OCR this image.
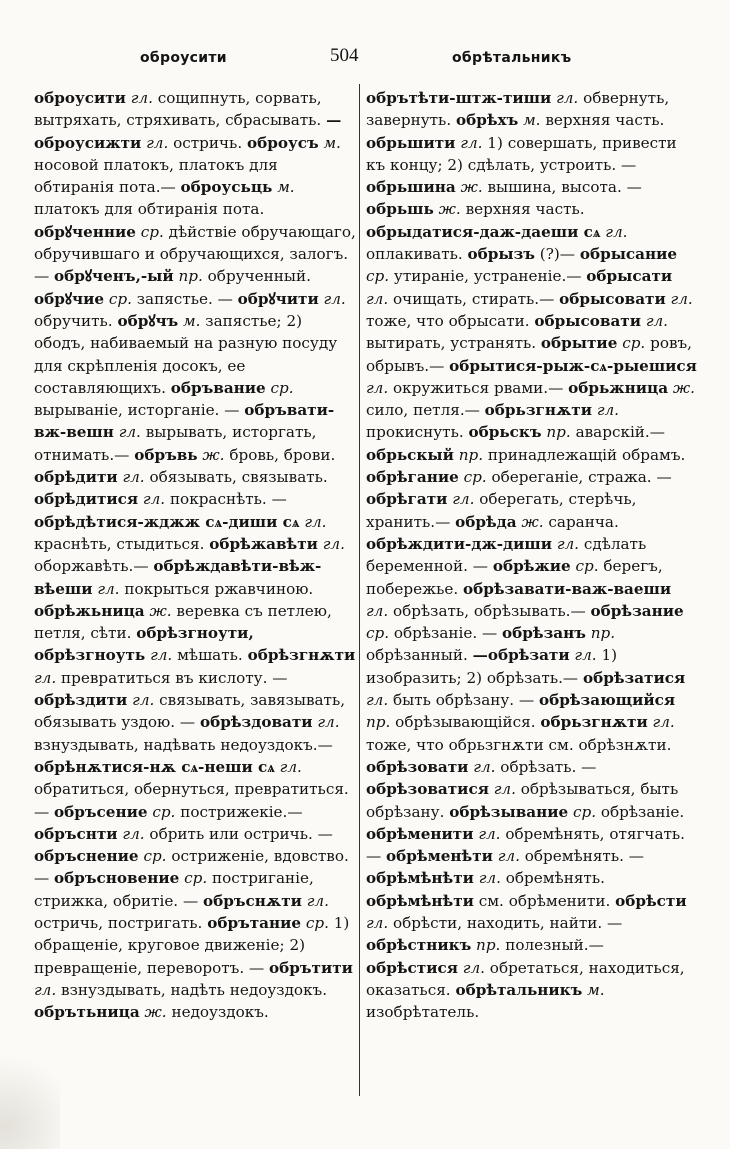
оброусити	504	обрѣтальникъ
оброусити гл. сощипнуть, сорвать, вытряхать, стряхивать, сбрасывать. —оброусижти гл. остричь. оброусъ м. носовой платокъ, платокъ для обтиранія пота.— оброусьць м. платокъ для обтиранія пота. обрꙋченние ср. дѣйствіе обручающаго, обручившаго и обручающихся, залогъ.— обрꙋченъ,-ый пр. обрученный. обрꙋчие ср. запястье. — обрꙋчити гл. обручить. обрꙋчъ м. запястье; 2) ободъ, набиваемый на разную посуду для скрѣпленія досокъ, ее составляющихъ. обръвание ср. вырываніе, исторганіе. — обръвати-вж-вешн гл. вырывать, исторгать, отнимать.— обръвь ж. бровь, брови. обрѣдити гл. обязывать, связывать. обрѣдитися гл. покраснѣть. — обрѣдѣтися-жджж сѧ-диши сѧ гл. краснѣть, стыдиться. обрѣжавѣти гл. оборжавѣть.— обрѣждавѣти-вѣж-вѣеши гл. покрыться ржавчиною. обрѣжьница ж. веревка съ петлею, петля, сѣти. обрѣзгноути, обрѣзгноуть гл. мѣшать. обрѣзгнѫти гл. превратиться въ кислоту. — обрѣздити гл. связывать, завязывать, обязывать уздою. — обрѣздовати гл. взнуздывать, надѣвать недоуздокъ.— обрѣнѫтися-нѫ сѧ-неши сѧ гл. обратиться, обернуться, превратиться. — обръсение ср. пострижекіе.— обръснти гл. обрить или остричь. — обръснение ср. остриженіе, вдовство.— обръсновение ср. постриганіе, стрижка, обритіе. — обръснѫти гл. остричь, постригать. обрътание ср. 1) обращеніе, круговое движеніе; 2) превращеніе, переворотъ. — обрътити гл. взнуздывать, надѣть недоуздокъ. обрътьница ж. недоуздокъ.
обрътѣти-штж-тиши гл. обвернуть, завернуть. обрѣхъ м. верхняя часть. обрьшити гл. 1) совершать, привести къ концу; 2) сдѣлать, устроить. — обрьшина ж. вышина, высота. — обрьшь ж. верхняя часть. обрыдатися-даж-даеши сѧ гл. оплакивать. обрызъ (?)— обрысание ср. утираніе, устраненіе.— обрысати гл. очищать, стирать.— обрысовати гл. тоже, что обрысати. обрысовати гл. вытирать, устранять. обрытие ср. ровъ, обрывъ.— обрытися-рыж-сѧ-рыешися гл. окружиться рвами.— обрьжница ж. сило, петля.— обрьзгнѫти гл. прокиснуть. обрьскъ пр. аварскій.— обрьскый пр. принадлежащій обрамъ. обрѣгание ср. обереганіе, стража. — обрѣгати гл. оберегать, стерѣчь, хранить.— обрѣда ж. саранча. обрѣждити-дж-диши гл. сдѣлать беременной. — обрѣжие ср. берегъ, побережье. обрѣзавати-важ-ваеши гл. обрѣзать, обрѣзывать.— обрѣзание ср. обрѣзаніе. — обрѣзанъ пр. обрѣзанный. —обрѣзати гл. 1) изобразить; 2) обрѣзать.— обрѣзатися гл. быть обрѣзану. — обрѣзающийся пр. обрѣзывающійся. обрьзгнѫти гл. тоже, что обрьзгнѫти см. обрѣзнѫти. обрѣзовати гл. обрѣзать. — обрѣзоватися гл. обрѣзываться, быть обрѣзану. обрѣзывание ср. обрѣзаніе. обрѣменити гл. обремѣнять, отягчать. — обрѣменѣти гл. обремѣнять. — обрѣмѣнѣти гл. обремѣнять. обрѣмѣнѣти см. обрѣменити. обрѣсти гл. обрѣсти, находить, найти. — обрѣстникъ пр. полезный.— обрѣстися гл. обретаться, находиться, оказаться. обрѣтальникъ м. изобрѣтатель.
